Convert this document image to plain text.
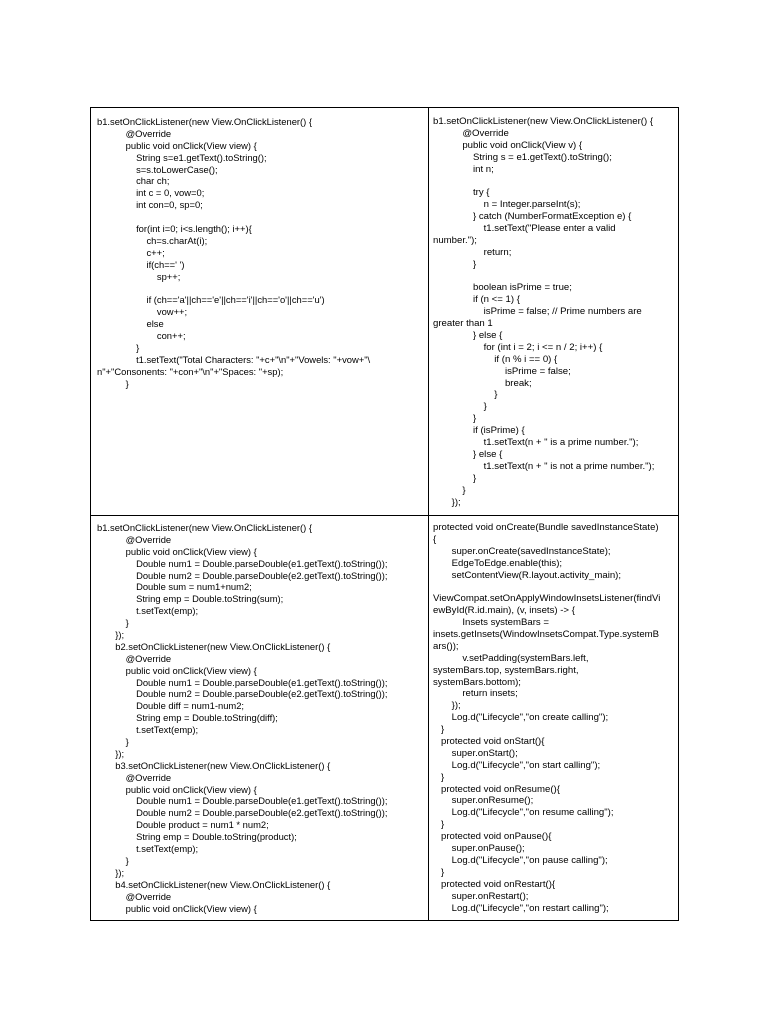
b1.setOnClickListener(new View.OnClickListener() {
@Override
public void onClick(View view) {
String s=e1.getText().toString();
s=s.toLowerCase();
char ch;
int c = 0, vow=0;
int con=0, sp=0;
for(int i=0; i<s.length(); i++){
ch=s.charAt(i);
c++;
if(ch==' ')
sp++;
if (ch=='a'||ch=='e'||ch=='i'||ch=='o'||ch=='u')
vow++;
else
con++;
}
t1.setText("Total Characters: "+c+"\n"+"Vowels: "+vow+"\
n"+"Consonents: "+con+"\n"+"Spaces: "+sp);
}
b1.setOnClickListener(new View.OnClickListener() {
@Override
public void onClick(View v) {
String s = e1.getText().toString();
int n;
try {
n = Integer.parseInt(s);
} catch (NumberFormatException e) {
t1.setText("Please enter a valid
number.");
return;
}
boolean isPrime = true;
if (n <= 1) {
isPrime = false; // Prime numbers are
greater than 1
} else {
for (int i = 2; i <= n / 2; i++) {
if (n % i == 0) {
isPrime = false;
break;
}
}
}
if (isPrime) {
t1.setText(n + " is a prime number.");
} else {
t1.setText(n + " is not a prime number.");
}
}
});
b1.setOnClickListener(new View.OnClickListener() {
@Override
public void onClick(View view) {
Double num1 = Double.parseDouble(e1.getText().toString());
Double num2 = Double.parseDouble(e2.getText().toString());
Double sum = num1+num2;
String emp = Double.toString(sum);
t.setText(emp);
}
});
b2.setOnClickListener(new View.OnClickListener() {
@Override
public void onClick(View view) {
Double num1 = Double.parseDouble(e1.getText().toString());
Double num2 = Double.parseDouble(e2.getText().toString());
Double diff = num1-num2;
String emp = Double.toString(diff);
t.setText(emp);
}
});
b3.setOnClickListener(new View.OnClickListener() {
@Override
public void onClick(View view) {
Double num1 = Double.parseDouble(e1.getText().toString());
Double num2 = Double.parseDouble(e2.getText().toString());
Double product = num1 * num2;
String emp = Double.toString(product);
t.setText(emp);
}
});
b4.setOnClickListener(new View.OnClickListener() {
@Override
public void onClick(View view) {
protected void onCreate(Bundle savedInstanceState)
{
super.onCreate(savedInstanceState);
EdgeToEdge.enable(this);
setContentView(R.layout.activity_main);
ViewCompat.setOnApplyWindowInsetsListener(findVi
ewById(R.id.main), (v, insets) -> {
Insets systemBars =
insets.getInsets(WindowInsetsCompat.Type.systemB
ars());
v.setPadding(systemBars.left,
systemBars.top, systemBars.right,
systemBars.bottom);
return insets;
});
Log.d("Lifecycle","on create calling");
}
protected void onStart(){
super.onStart();
Log.d("Lifecycle","on start calling");
}
protected void onResume(){
super.onResume();
Log.d("Lifecycle","on resume calling");
}
protected void onPause(){
super.onPause();
Log.d("Lifecycle","on pause calling");
}
protected void onRestart(){
super.onRestart();
Log.d("Lifecycle","on restart calling");
